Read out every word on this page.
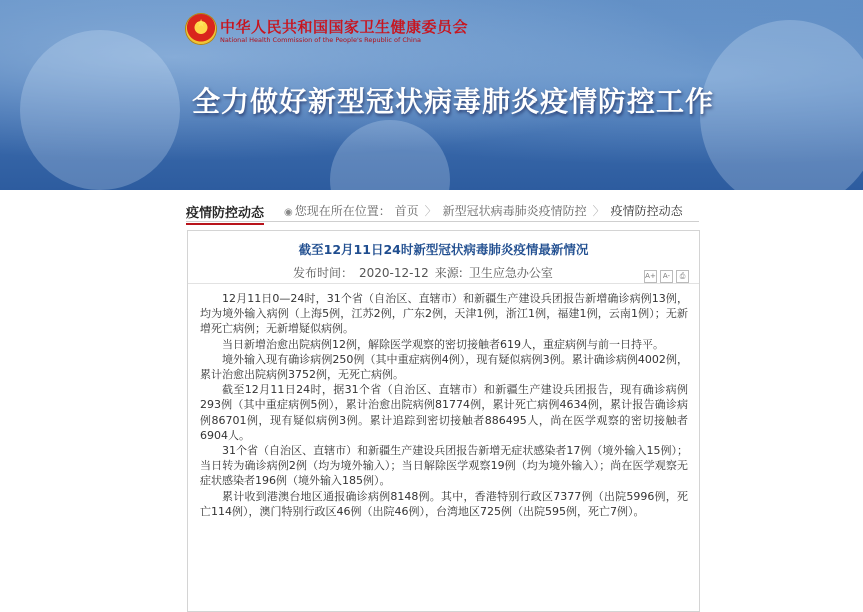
★
中华人民共和国国家卫生健康委员会
National Health Commission of the People's Republic of China
全力做好新型冠状病毒肺炎疫情防控工作
疫情防控动态 ◉ 您现在所在位置： 首页 〉 新型冠状病毒肺炎疫情防控 〉 疫情防控动态
截至12月11日24时新型冠状病毒肺炎疫情最新情况
发布时间： 2020-12-12 来源: 卫生应急办公室	A+ A- ⎙

12月11日0—24时，31个省（自治区、直辖市）和新疆生产建设兵团报告新增确诊病例13例，均为境外输入病例（上海5例，江苏2例，广东2例，天津1例，浙江1例，福建1例，云南1例）；无新增死亡病例；无新增疑似病例。

当日新增治愈出院病例12例，解除医学观察的密切接触者619人，重症病例与前一日持平。

境外输入现有确诊病例250例（其中重症病例4例），现有疑似病例3例。累计确诊病例4002例，累计治愈出院病例3752例，无死亡病例。

截至12月11日24时，据31个省（自治区、直辖市）和新疆生产建设兵团报告，现有确诊病例293例（其中重症病例5例），累计治愈出院病例81774例，累计死亡病例4634例，累计报告确诊病例86701例，现有疑似病例3例。累计追踪到密切接触者886495人，尚在医学观察的密切接触者6904人。

31个省（自治区、直辖市）和新疆生产建设兵团报告新增无症状感染者17例（境外输入15例）；当日转为确诊病例2例（均为境外输入）；当日解除医学观察19例（均为境外输入）；尚在医学观察无症状感染者196例（境外输入185例）。

累计收到港澳台地区通报确诊病例8148例。其中，香港特别行政区7377例（出院5996例，死亡114例），澳门特别行政区46例（出院46例），台湾地区725例（出院595例，死亡7例）。
